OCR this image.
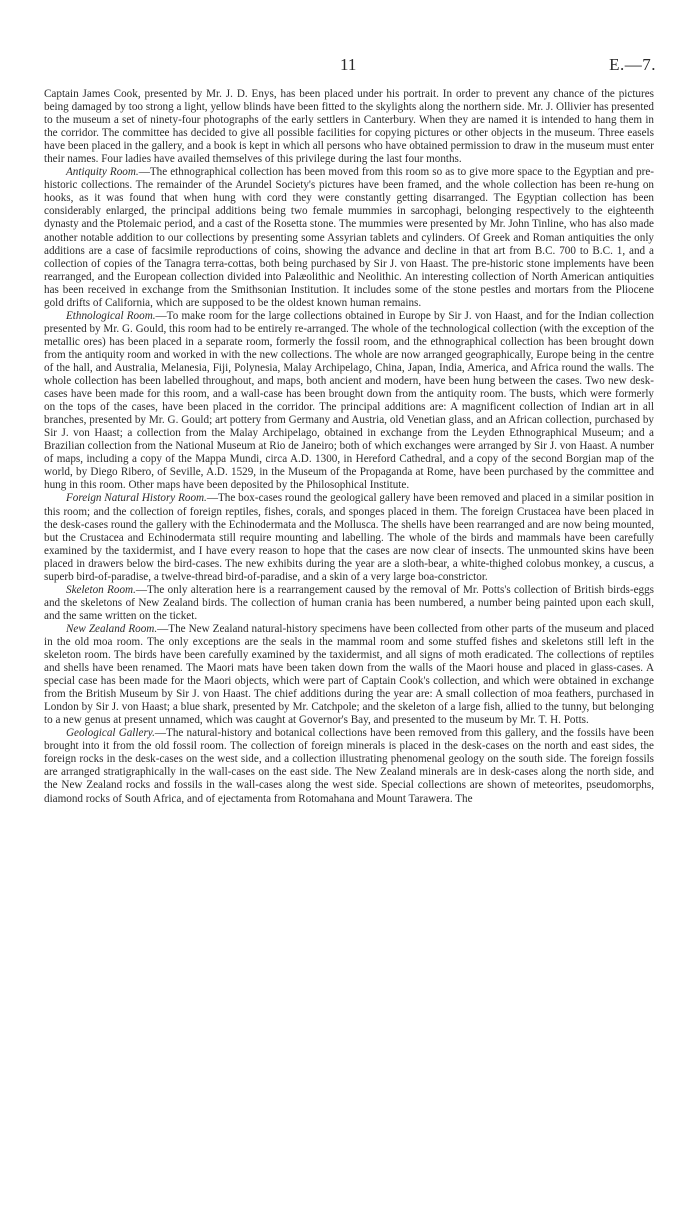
11	E.—7.

Captain James Cook, presented by Mr. J. D. Enys, has been placed under his portrait. In order to prevent any chance of the pictures being damaged by too strong a light, yellow blinds have been fitted to the skylights along the northern side. Mr. J. Ollivier has presented to the museum a set of ninety-four photographs of the early settlers in Canterbury. When they are named it is intended to hang them in the corridor. The committee has decided to give all possible facilities for copying pictures or other objects in the museum. Three easels have been placed in the gallery, and a book is kept in which all persons who have obtained permission to draw in the museum must enter their names. Four ladies have availed themselves of this privilege during the last four months.

Antiquity Room.—The ethnographical collection has been moved from this room so as to give more space to the Egyptian and pre-historic collections. The remainder of the Arundel Society's pictures have been framed, and the whole collection has been re-hung on hooks, as it was found that when hung with cord they were constantly getting disarranged. The Egyptian collection has been considerably enlarged, the principal additions being two female mummies in sarcophagi, belonging respectively to the eighteenth dynasty and the Ptolemaic period, and a cast of the Rosetta stone. The mummies were presented by Mr. John Tinline, who has also made another notable addition to our collections by presenting some Assyrian tablets and cylinders. Of Greek and Roman antiquities the only additions are a case of facsimile reproductions of coins, showing the advance and decline in that art from B.C. 700 to B.C. 1, and a collection of copies of the Tanagra terra-cottas, both being purchased by Sir J. von Haast. The pre-historic stone implements have been rearranged, and the European collection divided into Palæolithic and Neolithic. An interesting collection of North American antiquities has been received in exchange from the Smithsonian Institution. It includes some of the stone pestles and mortars from the Pliocene gold drifts of California, which are supposed to be the oldest known human remains.

Ethnological Room.—To make room for the large collections obtained in Europe by Sir J. von Haast, and for the Indian collection presented by Mr. G. Gould, this room had to be entirely re-arranged. The whole of the technological collection (with the exception of the metallic ores) has been placed in a separate room, formerly the fossil room, and the ethnographical collection has been brought down from the antiquity room and worked in with the new collections. The whole are now arranged geographically, Europe being in the centre of the hall, and Australia, Melanesia, Fiji, Polynesia, Malay Archipelago, China, Japan, India, America, and Africa round the walls. The whole collection has been labelled throughout, and maps, both ancient and modern, have been hung between the cases. Two new desk-cases have been made for this room, and a wall-case has been brought down from the antiquity room. The busts, which were formerly on the tops of the cases, have been placed in the corridor. The principal additions are: A magnificent collection of Indian art in all branches, presented by Mr. G. Gould; art pottery from Germany and Austria, old Venetian glass, and an African collection, purchased by Sir J. von Haast; a collection from the Malay Archipelago, obtained in exchange from the Leyden Ethnographical Museum; and a Brazilian collection from the National Museum at Rio de Janeiro; both of which exchanges were arranged by Sir J. von Haast. A number of maps, including a copy of the Mappa Mundi, circa A.D. 1300, in Hereford Cathedral, and a copy of the second Borgian map of the world, by Diego Ribero, of Seville, A.D. 1529, in the Museum of the Propaganda at Rome, have been purchased by the committee and hung in this room. Other maps have been deposited by the Philosophical Institute.

Foreign Natural History Room.—The box-cases round the geological gallery have been removed and placed in a similar position in this room; and the collection of foreign reptiles, fishes, corals, and sponges placed in them. The foreign Crustacea have been placed in the desk-cases round the gallery with the Echinodermata and the Mollusca. The shells have been rearranged and are now being mounted, but the Crustacea and Echinodermata still require mounting and labelling. The whole of the birds and mammals have been carefully examined by the taxidermist, and I have every reason to hope that the cases are now clear of insects. The unmounted skins have been placed in drawers below the bird-cases. The new exhibits during the year are a sloth-bear, a white-thighed colobus monkey, a cuscus, a superb bird-of-paradise, a twelve-thread bird-of-paradise, and a skin of a very large boa-constrictor.

Skeleton Room.—The only alteration here is a rearrangement caused by the removal of Mr. Potts's collection of British birds-eggs and the skeletons of New Zealand birds. The collection of human crania has been numbered, a number being painted upon each skull, and the same written on the ticket.

New Zealand Room.—The New Zealand natural-history specimens have been collected from other parts of the museum and placed in the old moa room. The only exceptions are the seals in the mammal room and some stuffed fishes and skeletons still left in the skeleton room. The birds have been carefully examined by the taxidermist, and all signs of moth eradicated. The collections of reptiles and shells have been renamed. The Maori mats have been taken down from the walls of the Maori house and placed in glass-cases. A special case has been made for the Maori objects, which were part of Captain Cook's collection, and which were obtained in exchange from the British Museum by Sir J. von Haast. The chief additions during the year are: A small collection of moa feathers, purchased in London by Sir J. von Haast; a blue shark, presented by Mr. Catchpole; and the skeleton of a large fish, allied to the tunny, but belonging to a new genus at present unnamed, which was caught at Governor's Bay, and presented to the museum by Mr. T. H. Potts.

Geological Gallery.—The natural-history and botanical collections have been removed from this gallery, and the fossils have been brought into it from the old fossil room. The collection of foreign minerals is placed in the desk-cases on the north and east sides, the foreign rocks in the desk-cases on the west side, and a collection illustrating phenomenal geology on the south side. The foreign fossils are arranged stratigraphically in the wall-cases on the east side. The New Zealand minerals are in desk-cases along the north side, and the New Zealand rocks and fossils in the wall-cases along the west side. Special collections are shown of meteorites, pseudomorphs, diamond rocks of South Africa, and of ejectamenta from Rotomahana and Mount Tarawera. The
